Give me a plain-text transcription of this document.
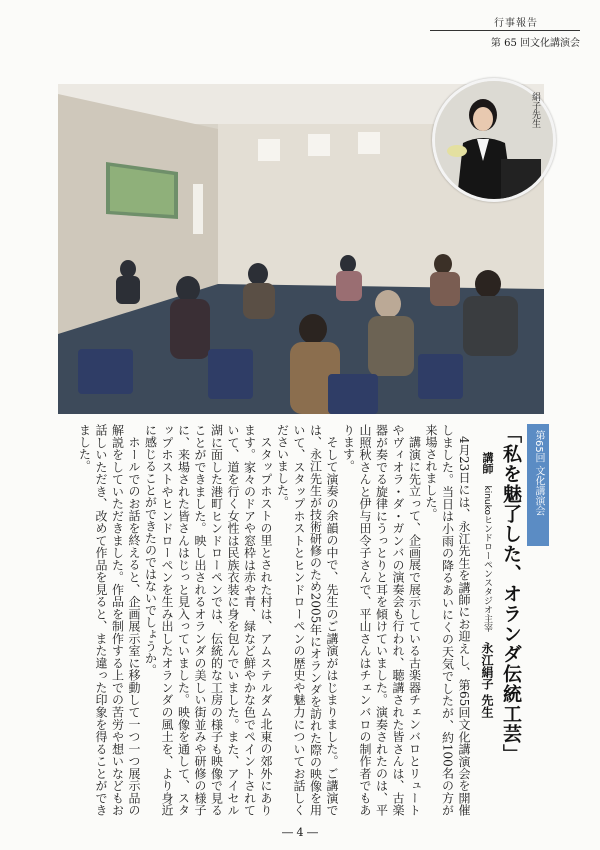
行事報告
第 65 回文化講演会
絹子先生
第65回 文化講演会
「私を魅了した、オランダ伝統工芸」
講師 kinukoヒンドローペンスタジオ主宰 永江絹子 先生

4月23日には、永江先生を講師にお迎えし、第65回文化講演会を開催しました。当日は小雨の降るあいにくの天気でしたが、約100名の方が来場されました。

講演に先立って、企画展で展示している古楽器チェンバロとリュートやヴィオラ・ダ・ガンバの演奏会も行われ、聴講された皆さんは、古楽器が奏でる旋律にうっとりと耳を傾けていました。演奏されたのは、平山照秋さんと伊与田令子さんで、平山さんはチェンバロの制作者でもあります。

そして演奏の余韻の中で、先生のご講演がはじまりました。ご講演では、永江先生が技術研修のため2005年にオランダを訪れた際の映像を用いて、スタップホストとヒンドローペンの歴史や魅力についてお話しくださいました。

スタップホストの里とされた村は、アムステルダム北東の郊外にあります。家々のドアや窓枠は赤や青、緑など鮮やかな色でペイントされていて、道を行く女性は民族衣装に身を包んでいました。また、アイセル湖に面した港町ヒンドローペンでは、伝統的な工房の様子も映像で見ることができました。映し出されるオランダの美しい街並みや研修の様子に、来場された皆さんはじっと見入っていました。映像を通して、スタップホストやヒンドローペンを生み出したオランダの風土を、より身近に感じることができたのではないでしょうか。

ホールでのお話を終えると、企画展示室に移動して一つ一つ展示品の解説をしていただきました。作品を制作する上での苦労や想いなどもお話しいただき、改めて作品を見ると、また違った印象を得ることができました。

― 4 ―
